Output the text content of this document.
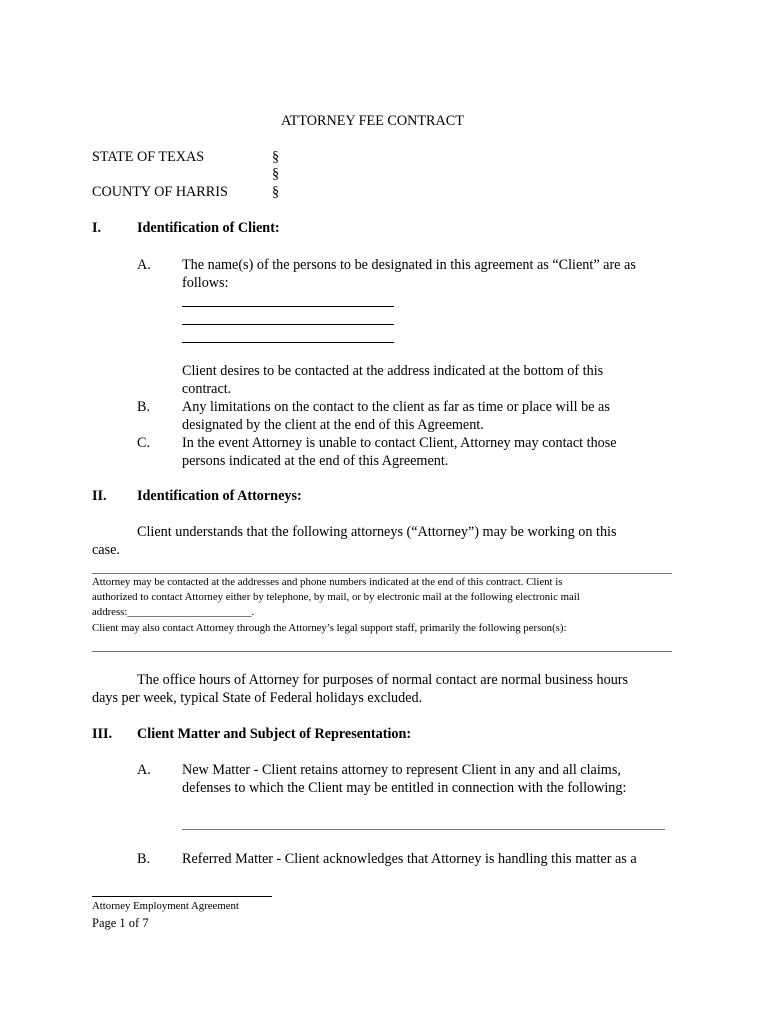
ATTORNEY FEE CONTRACT
STATE OF TEXAS
COUNTY OF HARRIS
§
§
§
I.	Identification of Client:
A. The name(s) of the persons to be designated in this agreement as “Client” are as
follows:
Client desires to be contacted at the address indicated at the bottom of this
contract.
B. Any limitations on the contact to the client as far as time or place will be as
designated by the client at the end of this Agreement.
C. In the event Attorney is unable to contact Client, Attorney may contact those
persons indicated at the end of this Agreement.
II. Identification of Attorneys:
Client understands that the following attorneys (“Attorney”) may be working on this
case.
Attorney may be contacted at the addresses and phone numbers indicated at the end of this contract. Client is
authorized to contact Attorney either by telephone, by mail, or by electronic mail at the following electronic mail
address:_______________________.
Client may also contact Attorney through the Attorney’s legal support staff, primarily the following person(s):
The office hours of Attorney for purposes of normal contact are normal business hours
days per week, typical State of Federal holidays excluded.
III. Client Matter and Subject of Representation:
A. New Matter - Client retains attorney to represent Client in any and all claims,
defenses to which the Client may be entitled in connection with the following:
B. Referred Matter - Client acknowledges that Attorney is handling this matter as a
Attorney Employment Agreement
Page 1 of 7
